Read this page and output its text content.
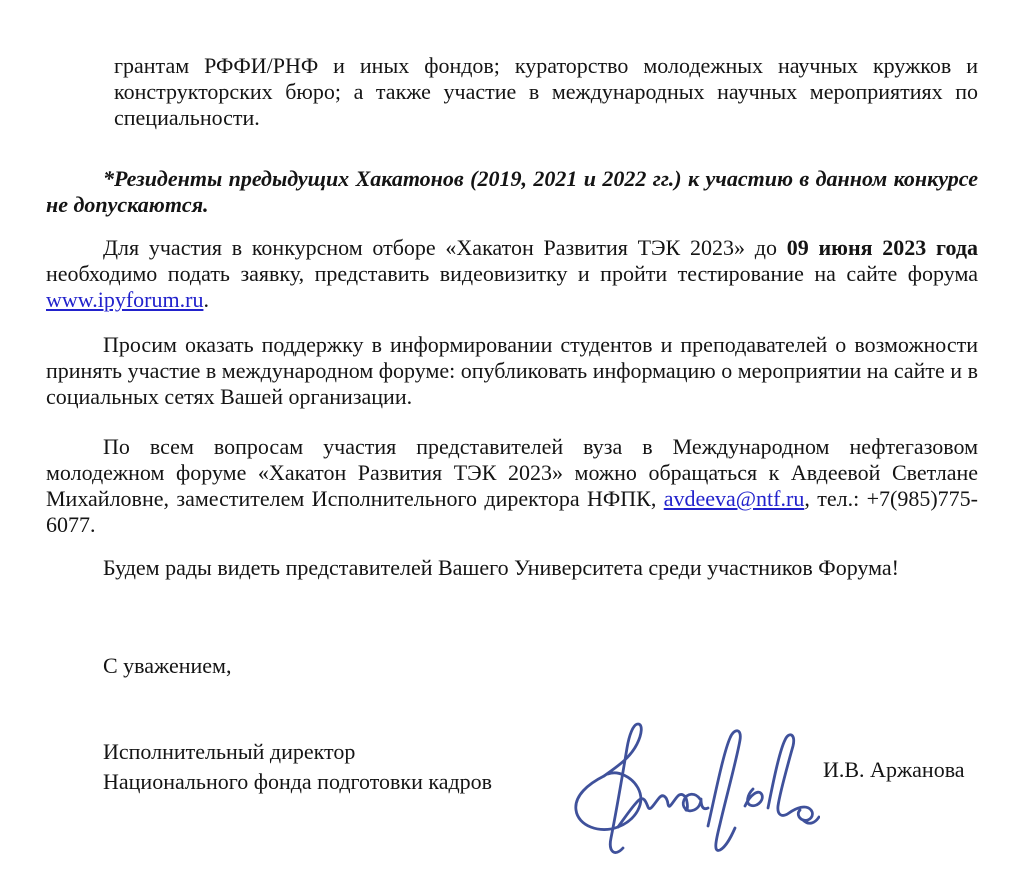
грантам РФФИ/РНФ и иных фондов; кураторство молодежных научных кружков и конструкторских бюро; а также участие в международных научных мероприятиях по специальности.

*Резиденты предыдущих Хакатонов (2019, 2021 и 2022 гг.) к участию в данном конкурсе не допускаются.

Для участия в конкурсном отборе «Хакатон Развития ТЭК 2023» до 09 июня 2023 года необходимо подать заявку, представить видеовизитку и пройти тестирование на сайте форума www.ipyforum.ru.

Просим оказать поддержку в информировании студентов и преподавателей о возможности принять участие в международном форуме: опубликовать информацию о мероприятии на сайте и в социальных сетях Вашей организации.

По всем вопросам участия представителей вуза в Международном нефтегазовом молодежном форуме «Хакатон Развития ТЭК 2023» можно обращаться к Авдеевой Светлане Михайловне, заместителем Исполнительного директора НФПК, avdeeva@ntf.ru, тел.: +7(985)775-6077.

Будем рады видеть представителей Вашего Университета среди участников Форума!

С уважением,

Исполнительный директор
Национального фонда подготовки кадров	И.В. Аржанова
